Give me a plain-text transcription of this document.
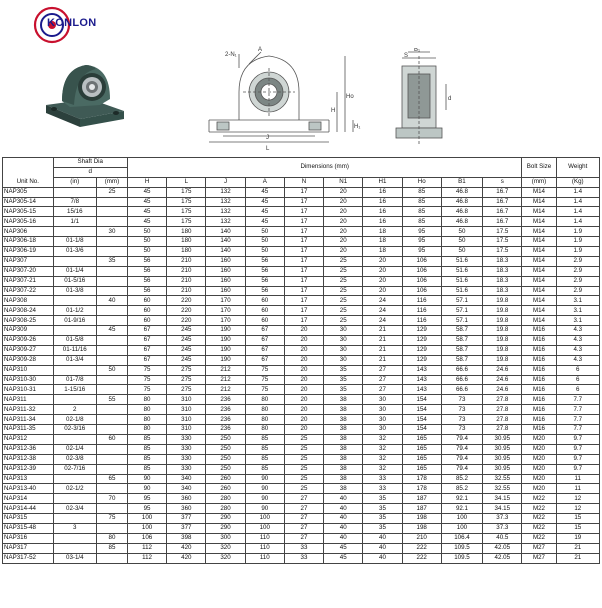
KONLON
2-N₁
A
L
J
H
Ho
H₁
S
B₁
d
Unit No.	Shaft Dia		Dimensions (mm)										Bolt Size	Weight
	d													
	(in)	(mm)	H	L	J	A	N	N1	H1	Ho	B1	s	(mm)	(Kg)
NAP305		25	45	175	132	45	17	20	16	85	46.8	16.7	M14	1.4
NAP305-14	7/8		45	175	132	45	17	20	16	85	46.8	16.7	M14	1.4
NAP305-15	15/16		45	175	132	45	17	20	16	85	46.8	16.7	M14	1.4
NAP305-16	1/1		45	175	132	45	17	20	16	85	46.8	16.7	M14	1.4
NAP306		30	50	180	140	50	17	20	18	95	50	17.5	M14	1.9
NAP306-18	01-1/8		50	180	140	50	17	20	18	95	50	17.5	M14	1.9
NAP306-19	01-3/6		50	180	140	50	17	20	18	95	50	17.5	M14	1.9
NAP307		35	56	210	160	56	17	25	20	106	51.6	18.3	M14	2.9
NAP307-20	01-1/4		56	210	160	56	17	25	20	106	51.6	18.3	M14	2.9
NAP307-21	01-5/16		56	210	160	56	17	25	20	106	51.6	18.3	M14	2.9
NAP307-22	01-3/8		56	210	160	56	17	25	20	106	51.6	18.3	M14	2.9
NAP308		40	60	220	170	60	17	25	24	116	57.1	19.8	M14	3.1
NAP308-24	01-1/2		60	220	170	60	17	25	24	116	57.1	19.8	M14	3.1
NAP308-25	01-9/16		60	220	170	60	17	25	24	116	57.1	19.8	M14	3.1
NAP309		45	67	245	190	67	20	30	21	129	58.7	19.8	M16	4.3
NAP309-26	01-5/8		67	245	190	67	20	30	21	129	58.7	19.8	M16	4.3
NAP309-27	01-11/16		67	245	190	67	20	30	21	129	58.7	19.8	M16	4.3
NAP309-28	01-3/4		67	245	190	67	20	30	21	129	58.7	19.8	M16	4.3
NAP310		50	75	275	212	75	20	35	27	143	66.6	24.6	M16	6
NAP310-30	01-7/8		75	275	212	75	20	35	27	143	66.6	24.6	M16	6
NAP310-31	1-15/16		75	275	212	75	20	35	27	143	66.6	24.6	M16	6
NAP311		55	80	310	236	80	20	38	30	154	73	27.8	M16	7.7
NAP311-32	2		80	310	236	80	20	38	30	154	73	27.8	M16	7.7
NAP311-34	02-1/8		80	310	236	80	20	38	30	154	73	27.8	M16	7.7
NAP311-35	02-3/16		80	310	236	80	20	38	30	154	73	27.8	M16	7.7
NAP312		60	85	330	250	85	25	38	32	165	79.4	30.95	M20	9.7
NAP312-36	02-1/4		85	330	250	85	25	38	32	165	79.4	30.95	M20	9.7
NAP312-38	02-3/8		85	330	250	85	25	38	32	165	79.4	30.95	M20	9.7
NAP312-39	02-7/16		85	330	250	85	25	38	32	165	79.4	30.95	M20	9.7
NAP313		65	90	340	260	90	25	38	33	178	85.2	32.55	M20	11
NAP313-40	02-1/2		90	340	260	90	25	38	33	178	85.2	32.55	M20	11
NAP314		70	95	360	280	90	27	40	35	187	92.1	34.15	M22	12
NAP314-44	02-3/4		95	360	280	90	27	40	35	187	92.1	34.15	M22	12
NAP315		75	100	377	290	100	27	40	35	198	100	37.3	M22	15
NAP315-48	3		100	377	290	100	27	40	35	198	100	37.3	M22	15
NAP316		80	106	398	300	110	27	40	40	210	106.4	40.5	M22	19
NAP317		85	112	420	320	110	33	45	40	222	109.5	42.05	M27	21
NAP317-52	03-1/4		112	420	320	110	33	45	40	222	109.5	42.05	M27	21
